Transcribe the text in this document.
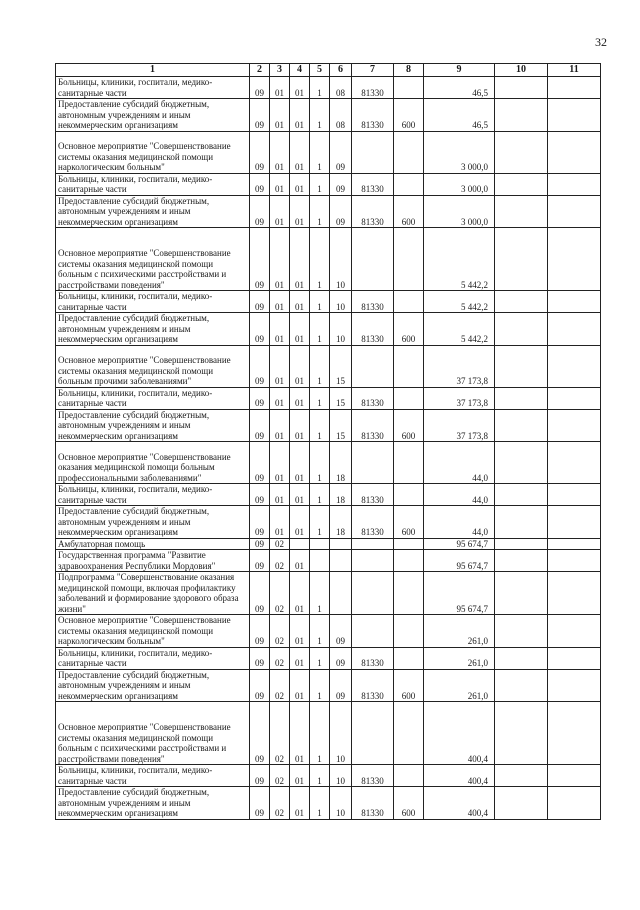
32
1	2	3	4	5	6	7	8	9	10	11
Больницы, клиники, госпитали, медико-санитарные части	09	01	01	1	08	81330		46,5		
Предоставление субсидий бюджетным, автономным учреждениям и иным некоммерческим организациям	09	01	01	1	08	81330	600	46,5		
Основное мероприятие "Совершенствование системы оказания медицинской помощи наркологическим больным"	09	01	01	1	09			3 000,0		
Больницы, клиники, госпитали, медико-санитарные части	09	01	01	1	09	81330		3 000,0		
Предоставление субсидий бюджетным, автономным учреждениям и иным некоммерческим организациям	09	01	01	1	09	81330	600	3 000,0		
Основное мероприятие "Совершенствование системы оказания медицинской помощи больным с психическими расстройствами и расстройствами поведения"	09	01	01	1	10			5 442,2		
Больницы, клиники, госпитали, медико-санитарные части	09	01	01	1	10	81330		5 442,2		
Предоставление субсидий бюджетным, автономным учреждениям и иным некоммерческим организациям	09	01	01	1	10	81330	600	5 442,2		
Основное мероприятие "Совершенствование системы оказания медицинской помощи больным прочими заболеваниями"	09	01	01	1	15			37 173,8		
Больницы, клиники, госпитали, медико-санитарные части	09	01	01	1	15	81330		37 173,8		
Предоставление субсидий бюджетным, автономным учреждениям и иным некоммерческим организациям	09	01	01	1	15	81330	600	37 173,8		
Основное мероприятие "Совершенствование оказания медицинской помощи больным профессиональными заболеваниями"	09	01	01	1	18			44,0		
Больницы, клиники, госпитали, медико-санитарные части	09	01	01	1	18	81330		44,0		
Предоставление субсидий бюджетным, автономным учреждениям и иным некоммерческим организациям	09	01	01	1	18	81330	600	44,0		
Амбулаторная помощь	09	02						95 674,7		
Государственная программа "Развитие здравоохранения Республики Мордовия"	09	02	01					95 674,7		
Подпрограмма "Совершенствование оказания медицинской помощи, включая профилактику заболеваний и формирование здорового образа жизни"	09	02	01	1				95 674,7		
Основное мероприятие "Совершенствование системы оказания медицинской помощи наркологическим больным"	09	02	01	1	09			261,0		
Больницы, клиники, госпитали, медико-санитарные части	09	02	01	1	09	81330		261,0		
Предоставление субсидий бюджетным, автономным учреждениям и иным некоммерческим организациям	09	02	01	1	09	81330	600	261,0		
Основное мероприятие "Совершенствование системы оказания медицинской помощи больным с психическими расстройствами и расстройствами поведения"	09	02	01	1	10			400,4		
Больницы, клиники, госпитали, медико-санитарные части	09	02	01	1	10	81330		400,4		
Предоставление субсидий бюджетным, автономным учреждениям и иным некоммерческим организациям	09	02	01	1	10	81330	600	400,4		
